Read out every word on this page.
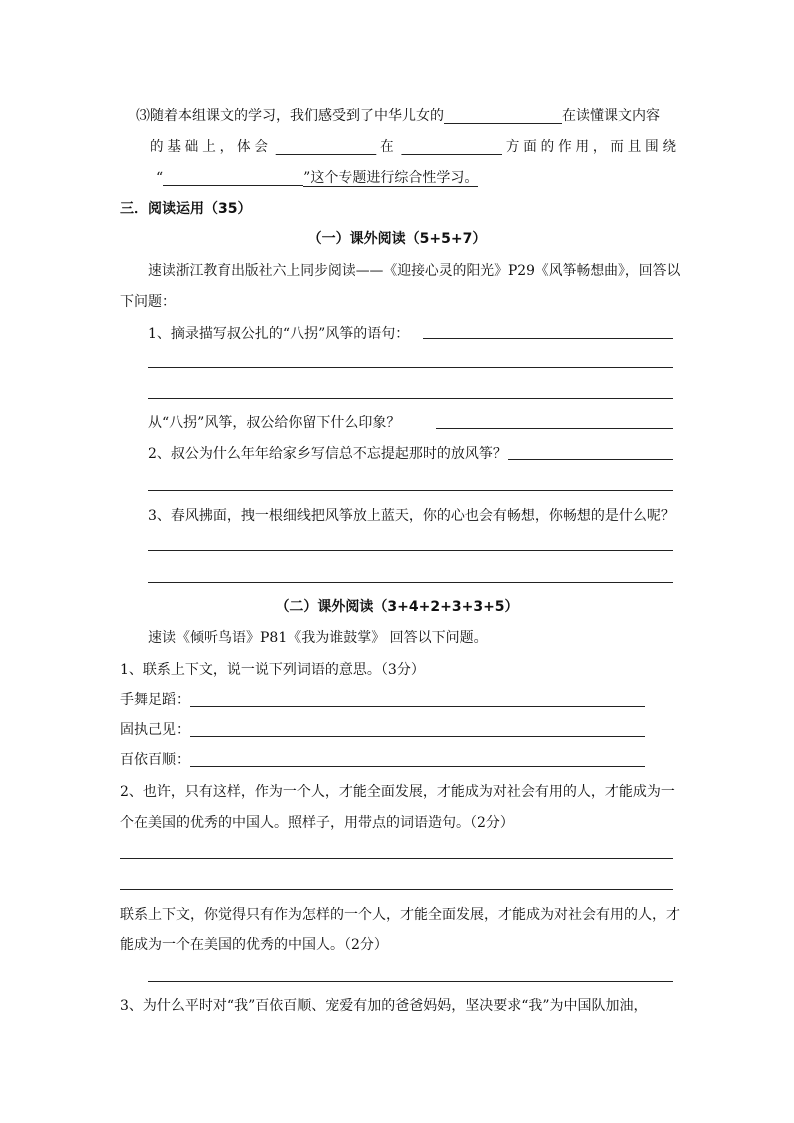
⑶随着本组课文的学习，我们感受到了中华儿女的	在读懂课文内容
的基础上，体会	在	方面的作用，而且围绕
“	”这个专题进行综合性学习。
三．阅读运用（35）
（一）课外阅读（5+5+7）
速读浙江教育出版社六上同步阅读——《迎接心灵的阳光》P29《风筝畅想曲》，回答以
下问题：
1、摘录描写叔公扎的“八拐”风筝的语句：
从“八拐”风筝，叔公给你留下什么印象？
2、叔公为什么年年给家乡写信总不忘提起那时的放风筝？
3、春风拂面，拽一根细线把风筝放上蓝天，你的心也会有畅想，你畅想的是什么呢？
（二）课外阅读（3+4+2+3+3+5）
速读《倾听鸟语》P81《我为谁鼓掌》 回答以下问题。
1、联系上下文，说一说下列词语的意思。（3分）
手舞足蹈：
固执己见：
百依百顺：
2、也许，只有这样，作为一个人，才能全面发展，才能成为对社会有用的人，才能成为一
个在美国的优秀的中国人。照样子，用带点的词语造句。（2分）
联系上下文，你觉得只有作为怎样的一个人，才能全面发展，才能成为对社会有用的人，才
能成为一个在美国的优秀的中国人。（2分）
3、为什么平时对“我”百依百顺、宠爱有加的爸爸妈妈，坚决要求“我”为中国队加油，
